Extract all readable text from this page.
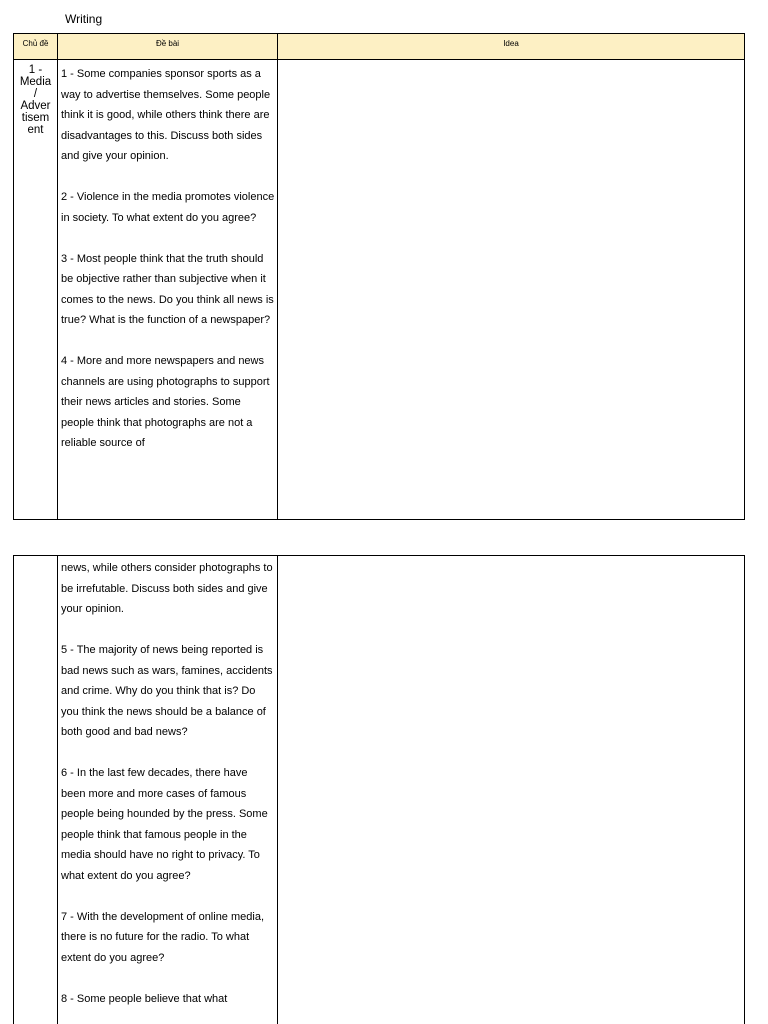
Writing
Chủ đề	Đề bài	Idea
1 -
Media
/
Adver
tisem
ent

1 - Some companies sponsor sports as a way to advertise themselves. Some people think it is good, while others think there are disadvantages to this. Discuss both sides and give your opinion.

2 - Violence in the media promotes violence in society. To what extent do you agree?

3 - Most people think that the truth should be objective rather than subjective when it comes to the news. Do you think all news is true? What is the function of a newspaper?

4 - More and more newspapers and news channels are using photographs to support their news articles and stories. Some people think that photographs are not a reliable source of

news, while others consider photographs to be irrefutable. Discuss both sides and give your opinion.

5 - The majority of news being reported is bad news such as wars, famines, accidents and crime. Why do you think that is? Do you think the news should be a balance of both good and bad news?

6 - In the last few decades, there have been more and more cases of famous people being hounded by the press. Some people think that famous people in the media should have no right to privacy. To what extent do you agree?

7 - With the development of online media, there is no future for the radio. To what extent do you agree?

8 - Some people believe that what
